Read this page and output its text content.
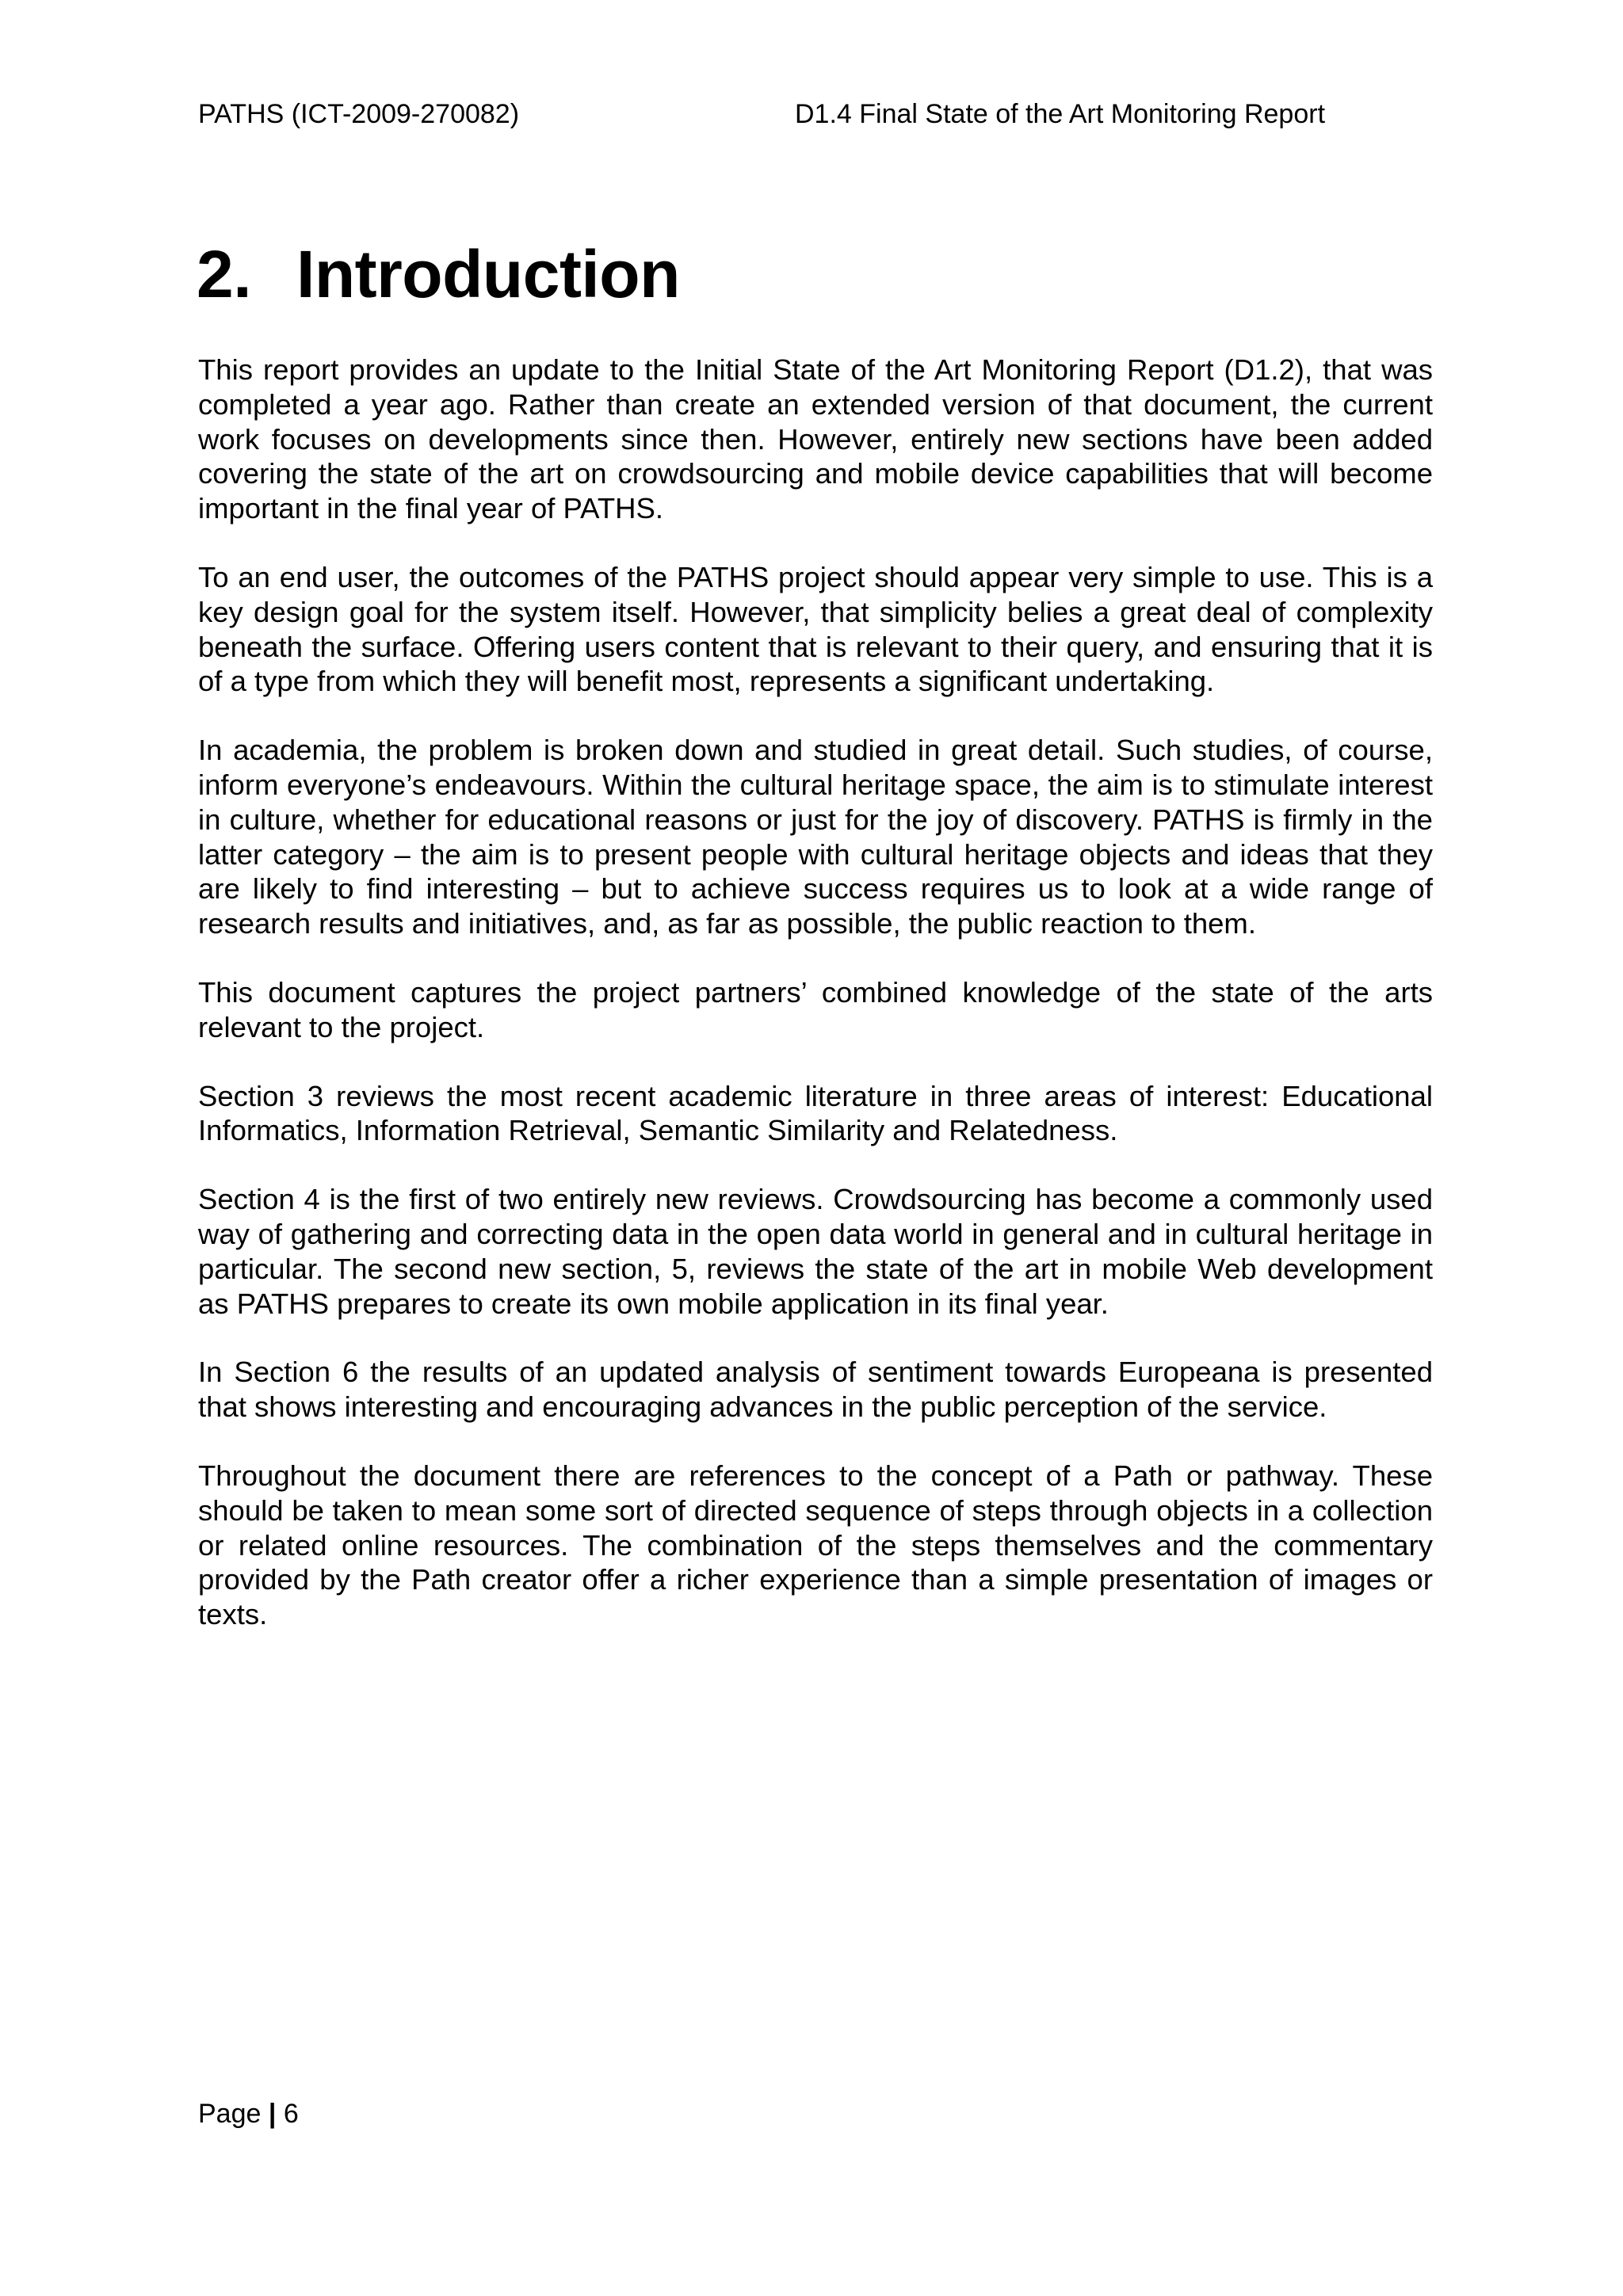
PATHS (ICT-2009-270082)	D1.4 Final State of the Art Monitoring Report
2. Introduction

This report provides an update to the Initial State of the Art Monitoring Report (D1.2), that was completed a year ago. Rather than create an extended version of that document, the current work focuses on developments since then. However, entirely new sections have been added covering the state of the art on crowdsourcing and mobile device capabilities that will become important in the final year of PATHS.

To an end user, the outcomes of the PATHS project should appear very simple to use. This is a key design goal for the system itself. However, that simplicity belies a great deal of complexity beneath the surface. Offering users content that is relevant to their query, and ensuring that it is of a type from which they will benefit most, represents a significant undertaking.

In academia, the problem is broken down and studied in great detail. Such studies, of course, inform everyone’s endeavours. Within the cultural heritage space, the aim is to stimulate interest in culture, whether for educational reasons or just for the joy of discovery. PATHS is firmly in the latter category – the aim is to present people with cultural heritage objects and ideas that they are likely to find interesting – but to achieve success requires us to look at a wide range of research results and initiatives, and, as far as possible, the public reaction to them.

This document captures the project partners’ combined knowledge of the state of the arts relevant to the project.

Section 3 reviews the most recent academic literature in three areas of interest: Educational Informatics, Information Retrieval, Semantic Similarity and Relatedness.

Section 4 is the first of two entirely new reviews. Crowdsourcing has become a commonly used way of gathering and correcting data in the open data world in general and in cultural heritage in particular. The second new section, 5, reviews the state of the art in mobile Web development as PATHS prepares to create its own mobile application in its final year.

In Section 6 the results of an updated analysis of sentiment towards Europeana is presented that shows interesting and encouraging advances in the public perception of the service.

Throughout the document there are references to the concept of a Path or pathway. These should be taken to mean some sort of directed sequence of steps through objects in a collection or related online resources. The combination of the steps themselves and the commentary provided by the Path creator offer a richer experience than a simple presentation of images or texts.

Page | 6
